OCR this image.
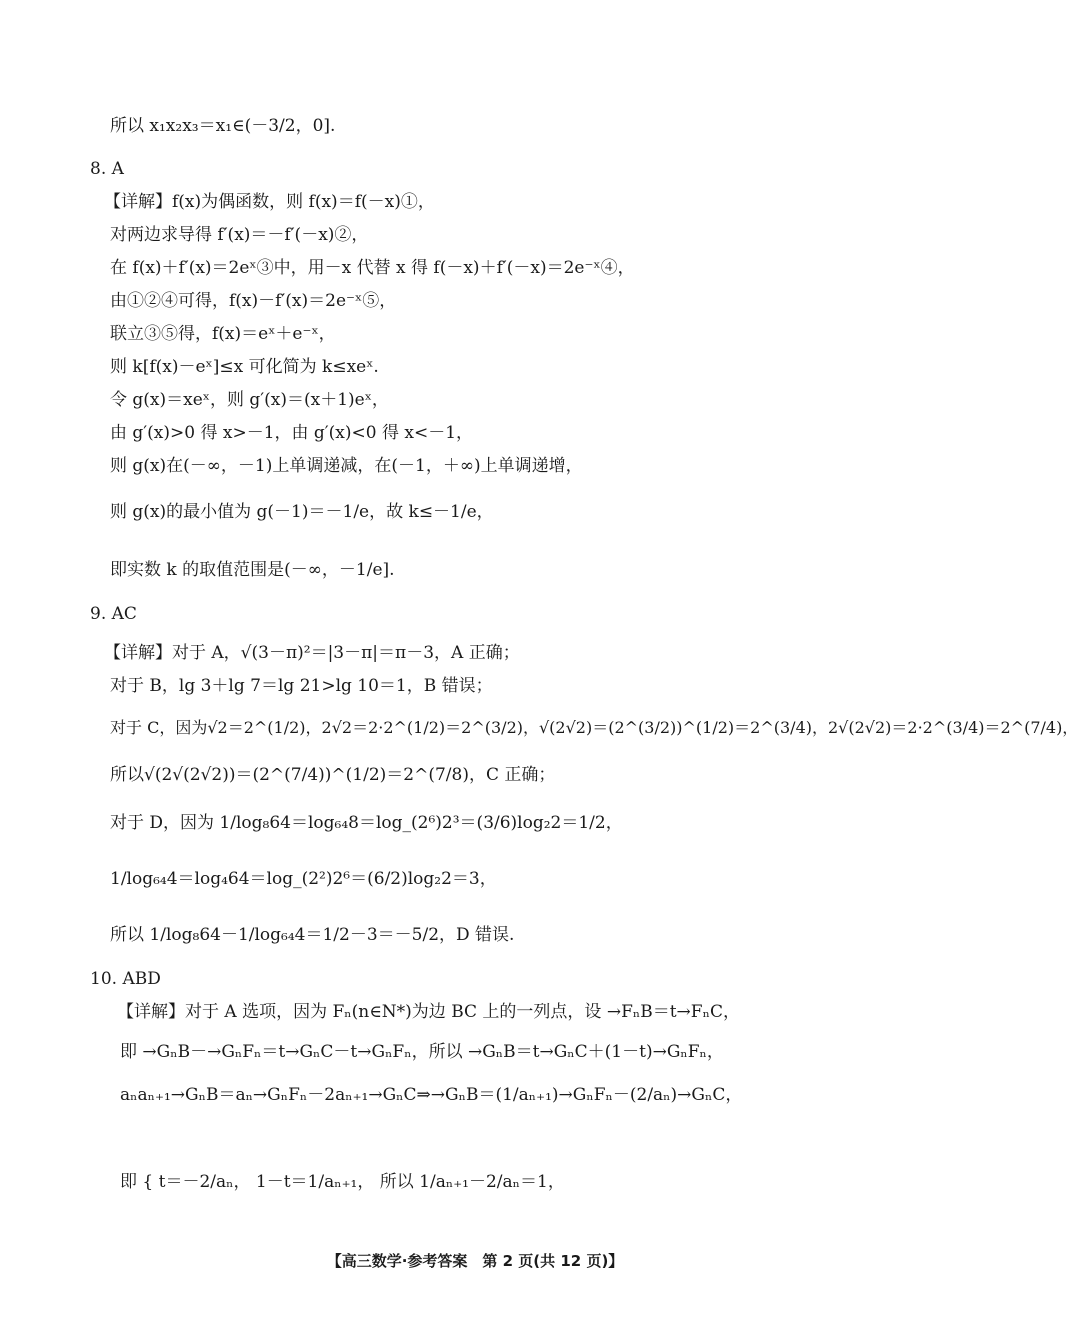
所以 x₁x₂x₃＝x₁∈(－3/2，0].
8. A
【详解】f(x)为偶函数，则 f(x)＝f(－x)①，
对两边求导得 f′(x)＝－f′(－x)②，
在 f(x)＋f′(x)＝2eˣ③中，用－x 代替 x 得 f(－x)＋f′(－x)＝2e⁻ˣ④，
由①②④可得，f(x)－f′(x)＝2e⁻ˣ⑤，
联立③⑤得，f(x)＝eˣ＋e⁻ˣ，
则 k[f(x)－eˣ]≤x 可化简为 k≤xeˣ.
令 g(x)＝xeˣ，则 g′(x)＝(x＋1)eˣ，
由 g′(x)>0 得 x>－1，由 g′(x)<0 得 x<－1，
则 g(x)在(－∞，－1)上单调递减，在(－1，＋∞)上单调递增，
则 g(x)的最小值为 g(－1)＝－1/e，故 k≤－1/e，
即实数 k 的取值范围是(－∞，－1/e].
9. AC
【详解】对于 A，√(3－π)²＝|3－π|＝π－3，A 正确；
对于 B，lg 3＋lg 7＝lg 21>lg 10＝1，B 错误；
对于 C，因为√2＝2^(1/2)，2√2＝2·2^(1/2)＝2^(3/2)，√(2√2)＝(2^(3/2))^(1/2)＝2^(3/4)，2√(2√2)＝2·2^(3/4)＝2^(7/4)，
所以√(2√(2√2))＝(2^(7/4))^(1/2)＝2^(7/8)，C 正确；
对于 D，因为 1/log₈64＝log₆₄8＝log_(2⁶)2³＝(3/6)log₂2＝1/2，
1/log₆₄4＝log₄64＝log_(2²)2⁶＝(6/2)log₂2＝3，
所以 1/log₈64－1/log₆₄4＝1/2－3＝－5/2，D 错误.
10. ABD
【详解】对于 A 选项，因为 Fₙ(n∈N*)为边 BC 上的一列点，设 →FₙB＝t→FₙC，
即 →GₙB－→GₙFₙ＝t→GₙC－t→GₙFₙ，所以 →GₙB＝t→GₙC＋(1－t)→GₙFₙ，
aₙaₙ₊₁→GₙB＝aₙ→GₙFₙ－2aₙ₊₁→GₙC⇒→GₙB＝(1/aₙ₊₁)→GₙFₙ－(2/aₙ)→GₙC，
即 { t＝－2/aₙ， 1－t＝1/aₙ₊₁， 所以 1/aₙ₊₁－2/aₙ＝1，
【高三数学·参考答案　第 2 页(共 12 页)】
